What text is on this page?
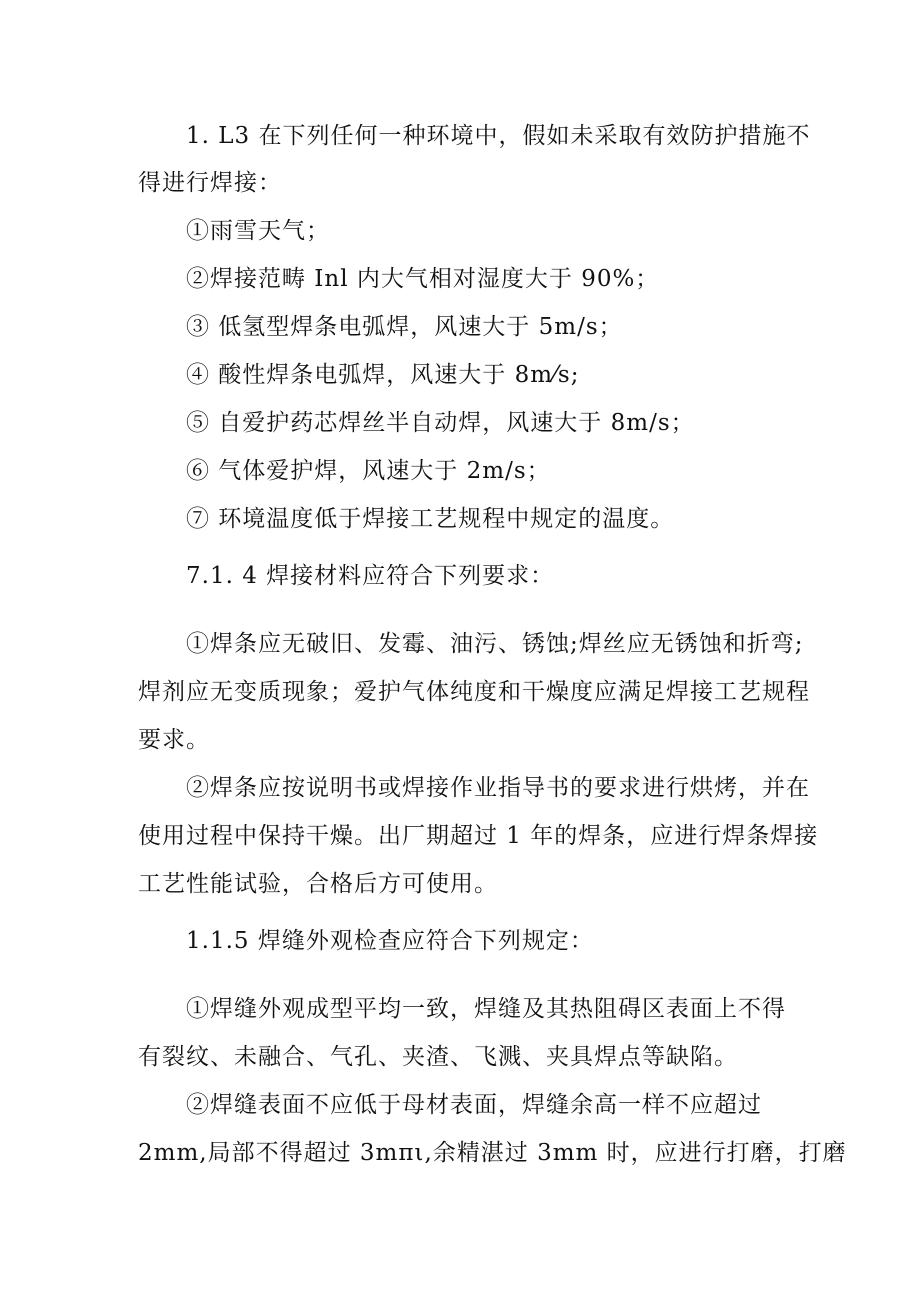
1. L3 在下列任何一种环境中，假如未采取有效防护措施不
得进行焊接：
①雨雪天气；
②焊接范畴 Inl 内大气相对湿度大于 90%；
③ 低氢型焊条电弧焊，风速大于 5m/s；
④ 酸性焊条电弧焊，风速大于 8m⁄s;
⑤ 自爱护药芯焊丝半自动焊，风速大于 8m/s；
⑥ 气体爱护焊，风速大于 2m/s；
⑦ 环境温度低于焊接工艺规程中规定的温度。
7.1. 4 焊接材料应符合下列要求：
①焊条应无破旧、发霉、油污、锈蚀;焊丝应无锈蚀和折弯;
焊剂应无变质现象；爱护气体纯度和干燥度应满足焊接工艺规程
要求。
②焊条应按说明书或焊接作业指导书的要求进行烘烤，并在
使用过程中保持干燥。出厂期超过 1 年的焊条，应进行焊条焊接
工艺性能试验，合格后方可使用。
1.1.5 焊缝外观检查应符合下列规定：
①焊缝外观成型平均一致，焊缝及其热阻碍区表面上不得
有裂纹、未融合、气孔、夹渣、飞溅、夹具焊点等缺陷。
②焊缝表面不应低于母材表面，焊缝余高一样不应超过
2mm,局部不得超过 3mπι,余精湛过 3mm 时，应进行打磨，打磨
